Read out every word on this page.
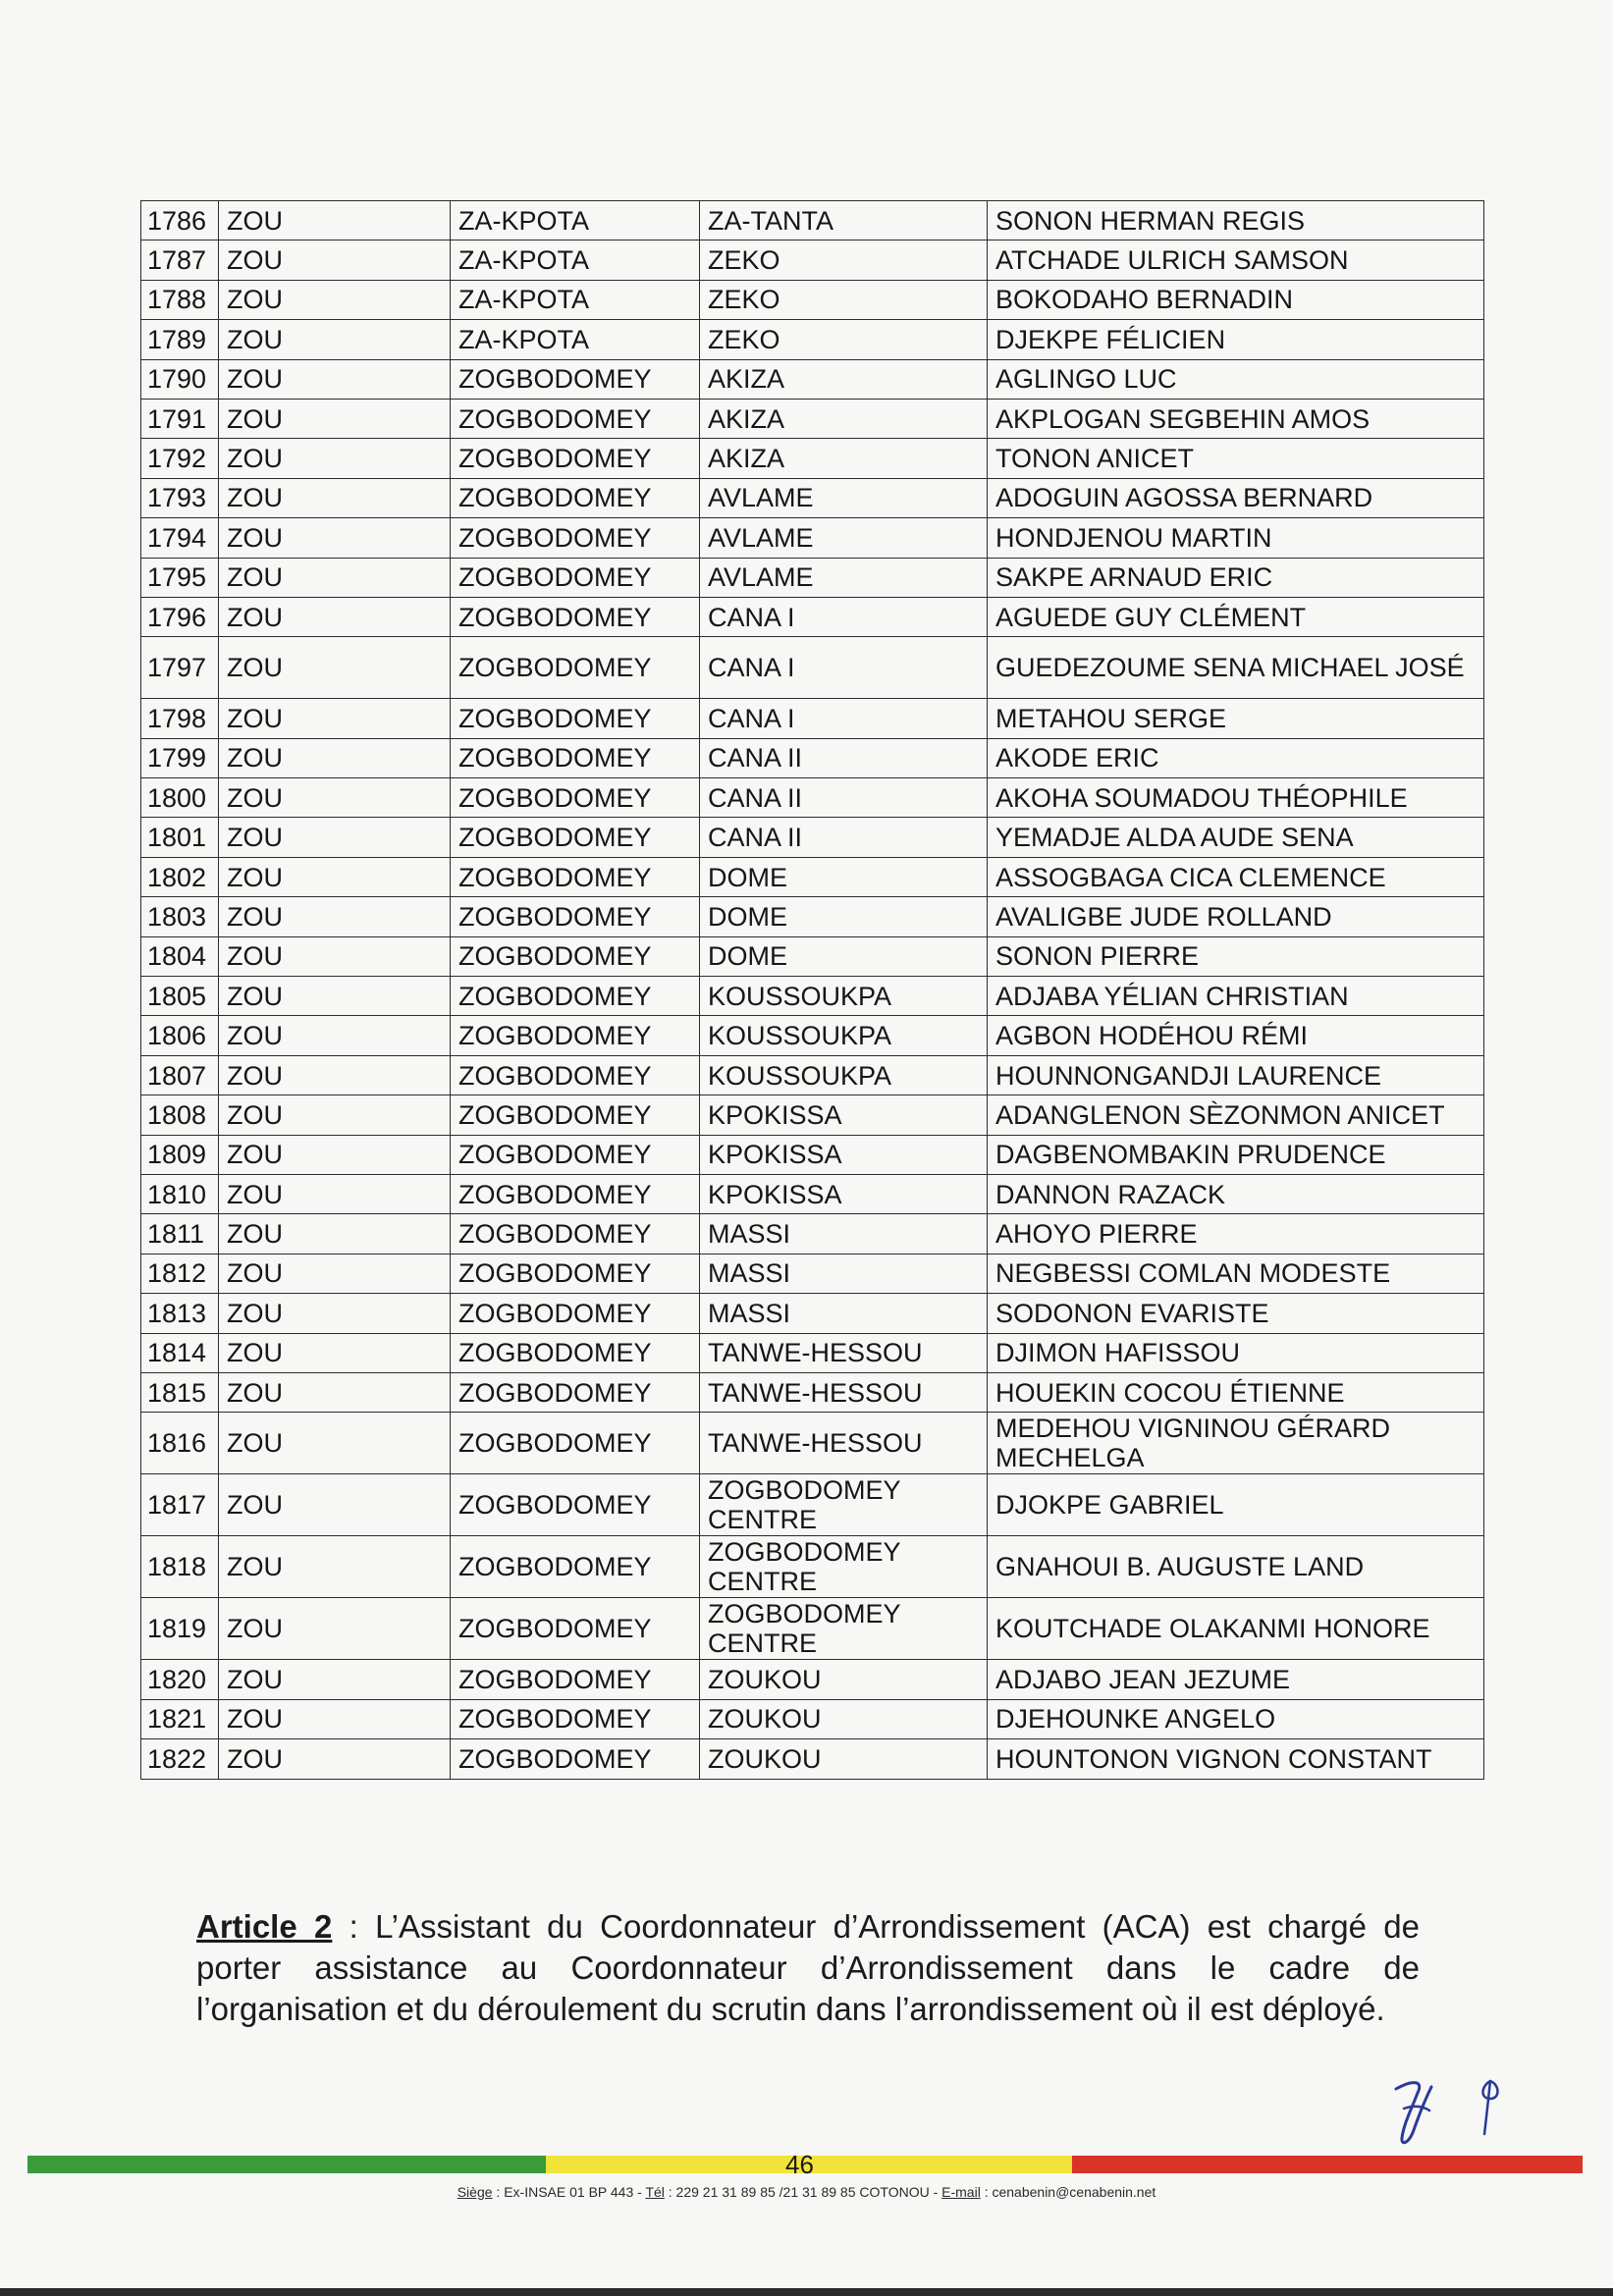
1786	ZOU	ZA-KPOTA	ZA-TANTA	SONON HERMAN REGIS
1787	ZOU	ZA-KPOTA	ZEKO	ATCHADE ULRICH SAMSON
1788	ZOU	ZA-KPOTA	ZEKO	BOKODAHO BERNADIN
1789	ZOU	ZA-KPOTA	ZEKO	DJEKPE FÉLICIEN
1790	ZOU	ZOGBODOMEY	AKIZA	AGLINGO LUC
1791	ZOU	ZOGBODOMEY	AKIZA	AKPLOGAN SEGBEHIN AMOS
1792	ZOU	ZOGBODOMEY	AKIZA	TONON ANICET
1793	ZOU	ZOGBODOMEY	AVLAME	ADOGUIN AGOSSA BERNARD
1794	ZOU	ZOGBODOMEY	AVLAME	HONDJENOU MARTIN
1795	ZOU	ZOGBODOMEY	AVLAME	SAKPE ARNAUD ERIC
1796	ZOU	ZOGBODOMEY	CANA I	AGUEDE GUY CLÉMENT
1797	ZOU	ZOGBODOMEY	CANA I	GUEDEZOUME SENA MICHAEL JOSÉ
1798	ZOU	ZOGBODOMEY	CANA I	METAHOU SERGE
1799	ZOU	ZOGBODOMEY	CANA II	AKODE ERIC
1800	ZOU	ZOGBODOMEY	CANA II	AKOHA SOUMADOU THÉOPHILE
1801	ZOU	ZOGBODOMEY	CANA II	YEMADJE ALDA AUDE SENA
1802	ZOU	ZOGBODOMEY	DOME	ASSOGBAGA CICA CLEMENCE
1803	ZOU	ZOGBODOMEY	DOME	AVALIGBE JUDE ROLLAND
1804	ZOU	ZOGBODOMEY	DOME	SONON PIERRE
1805	ZOU	ZOGBODOMEY	KOUSSOUKPA	ADJABA YÉLIAN CHRISTIAN
1806	ZOU	ZOGBODOMEY	KOUSSOUKPA	AGBON HODÉHOU RÉMI
1807	ZOU	ZOGBODOMEY	KOUSSOUKPA	HOUNNONGANDJI LAURENCE
1808	ZOU	ZOGBODOMEY	KPOKISSA	ADANGLENON SÈZONMON ANICET
1809	ZOU	ZOGBODOMEY	KPOKISSA	DAGBENOMBAKIN PRUDENCE
1810	ZOU	ZOGBODOMEY	KPOKISSA	DANNON RAZACK
1811	ZOU	ZOGBODOMEY	MASSI	AHOYO PIERRE
1812	ZOU	ZOGBODOMEY	MASSI	NEGBESSI COMLAN MODESTE
1813	ZOU	ZOGBODOMEY	MASSI	SODONON EVARISTE
1814	ZOU	ZOGBODOMEY	TANWE-HESSOU	DJIMON HAFISSOU
1815	ZOU	ZOGBODOMEY	TANWE-HESSOU	HOUEKIN COCOU ÉTIENNE
1816	ZOU	ZOGBODOMEY	TANWE-HESSOU	MEDEHOU VIGNINOU GÉRARD MECHELGA
1817	ZOU	ZOGBODOMEY	ZOGBODOMEY CENTRE	DJOKPE GABRIEL
1818	ZOU	ZOGBODOMEY	ZOGBODOMEY CENTRE	GNAHOUI B. AUGUSTE LAND
1819	ZOU	ZOGBODOMEY	ZOGBODOMEY CENTRE	KOUTCHADE OLAKANMI HONORE
1820	ZOU	ZOGBODOMEY	ZOUKOU	ADJABO JEAN JEZUME
1821	ZOU	ZOGBODOMEY	ZOUKOU	DJEHOUNKE ANGELO
1822	ZOU	ZOGBODOMEY	ZOUKOU	HOUNTONON VIGNON CONSTANT
Article 2 : L’Assistant du Coordonnateur d’Arrondissement (ACA) est chargé de porter assistance au Coordonnateur d’Arrondissement dans le cadre de l’organisation et du déroulement du scrutin dans l’arrondissement où il est déployé.
46
Siège : Ex-INSAE 01 BP 443 - Tél : 229 21 31 89 85 /21 31 89 85 COTONOU - E-mail : cenabenin@cenabenin.net
